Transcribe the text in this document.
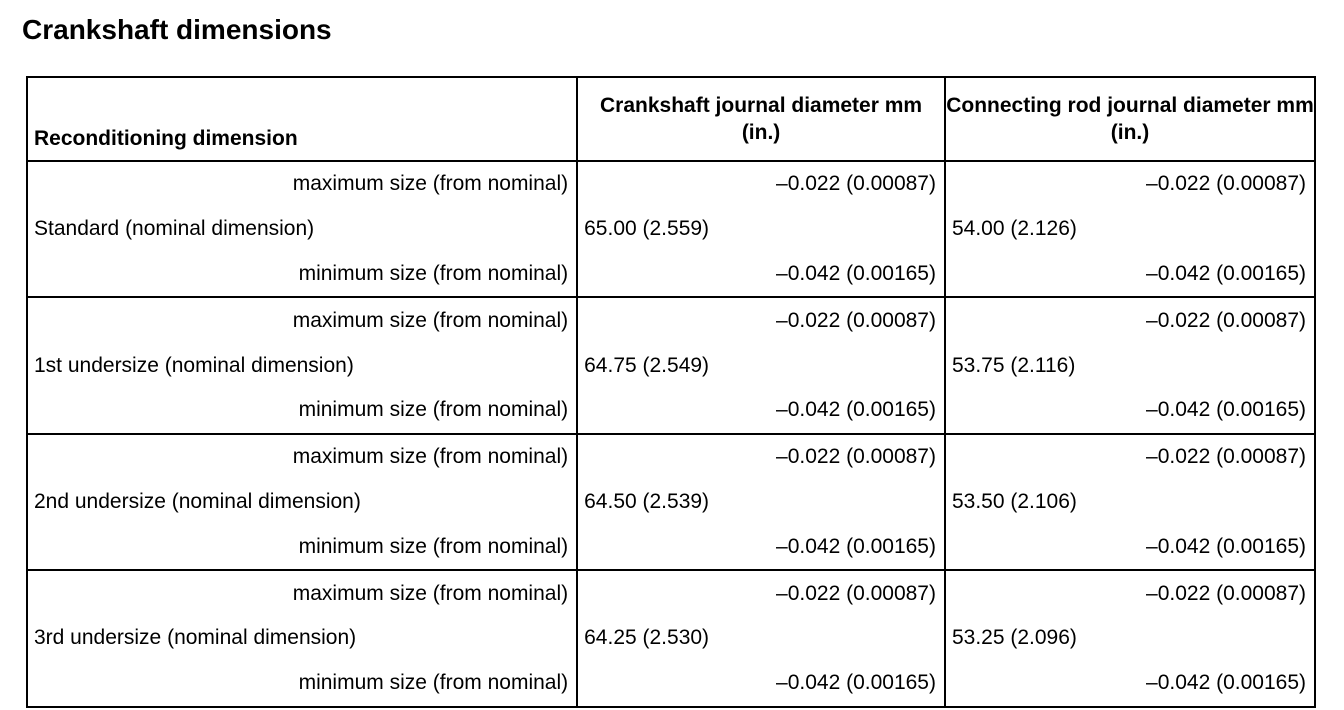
Crankshaft dimensions
Reconditioning dimension	Crankshaft journal diameter mm (in.)	Connecting rod journal diameter mm (in.)
maximum size (from nominal)	–0.022 (0.00087)	–0.022 (0.00087)
Standard (nominal dimension)	65.00 (2.559)	54.00 (2.126)
minimum size (from nominal)	–0.042 (0.00165)	–0.042 (0.00165)
maximum size (from nominal)	–0.022 (0.00087)	–0.022 (0.00087)
1st undersize (nominal dimension)	64.75 (2.549)	53.75 (2.116)
minimum size (from nominal)	–0.042 (0.00165)	–0.042 (0.00165)
maximum size (from nominal)	–0.022 (0.00087)	–0.022 (0.00087)
2nd undersize (nominal dimension)	64.50 (2.539)	53.50 (2.106)
minimum size (from nominal)	–0.042 (0.00165)	–0.042 (0.00165)
maximum size (from nominal)	–0.022 (0.00087)	–0.022 (0.00087)
3rd undersize (nominal dimension)	64.25 (2.530)	53.25 (2.096)
minimum size (from nominal)	–0.042 (0.00165)	–0.042 (0.00165)
